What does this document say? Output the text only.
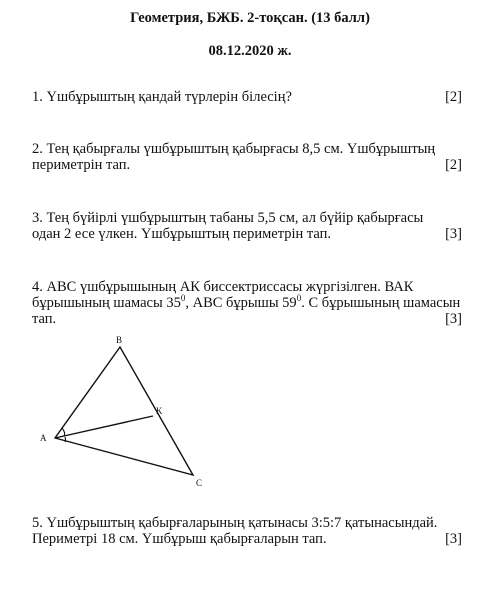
Геометрия, БЖБ. 2-тоқсан. (13 балл)
08.12.2020 ж.
1. Үшбұрыштың қандай түрлерін білесің?	[2]
2. Тең қабырғалы үшбұрыштың қабырғасы 8,5 см. Үшбұрыштың
периметрін тап.	[2]
3. Тең бүйірлі үшбұрыштың табаны 5,5 см, ал бүйір қабырғасы
одан 2 есе үлкен. Үшбұрыштың периметрін тап.	[3]
4. АВС үшбұрышының АК биссектриссасы жүргізілген. ВАК
бұрышының шамасы $35^0$, АВС бұрышы $59^0$. С бұрышының шамасын
тап.	[3]
B
K
A
C
5. Үшбұрыштың қабырғаларының қатынасы 3:5:7 қатынасындай.
Периметрі 18 см. Үшбұрыш қабырғаларын тап.	[3]
